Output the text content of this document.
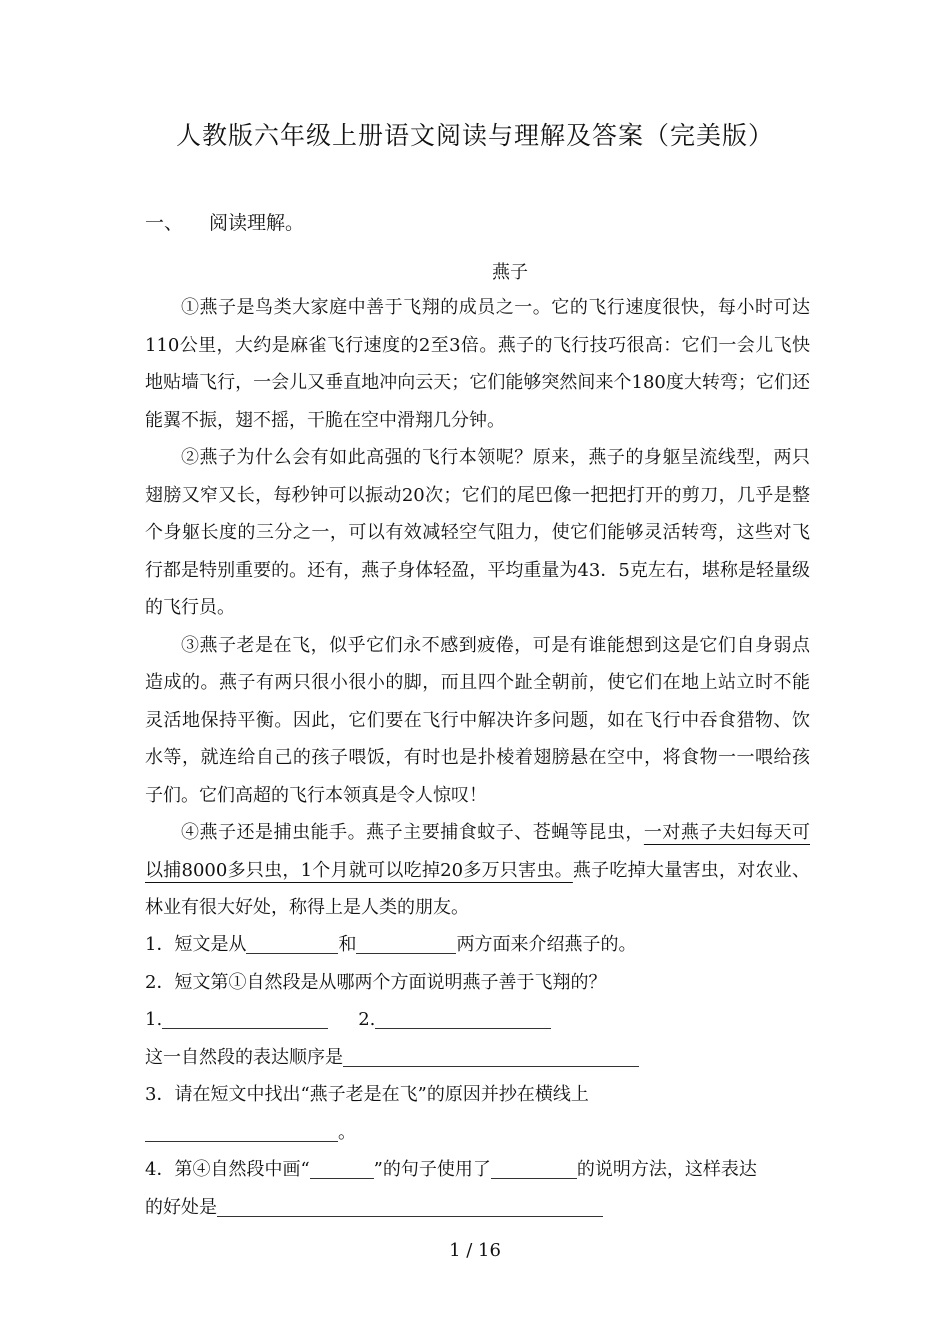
人教版六年级上册语文阅读与理解及答案（完美版）
一、 阅读理解。
燕子

①燕子是鸟类大家庭中善于飞翔的成员之一。它的飞行速度很快，每小时可达110公里，大约是麻雀飞行速度的2至3倍。燕子的飞行技巧很高：它们一会儿飞快地贴墙飞行，一会儿又垂直地冲向云天；它们能够突然间来个180度大转弯；它们还能翼不振，翅不摇，干脆在空中滑翔几分钟。

②燕子为什么会有如此高强的飞行本领呢？原来，燕子的身躯呈流线型，两只翅膀又窄又长，每秒钟可以振动20次；它们的尾巴像一把把打开的剪刀，几乎是整个身躯长度的三分之一，可以有效减轻空气阻力，使它们能够灵活转弯，这些对飞行都是特别重要的。还有，燕子身体轻盈，平均重量为43．5克左右，堪称是轻量级的飞行员。

③燕子老是在飞，似乎它们永不感到疲倦，可是有谁能想到这是它们自身弱点造成的。燕子有两只很小很小的脚，而且四个趾全朝前，使它们在地上站立时不能灵活地保持平衡。因此，它们要在飞行中解决许多问题，如在飞行中吞食猎物、饮水等，就连给自己的孩子喂饭，有时也是扑棱着翅膀悬在空中，将食物一一喂给孩子们。它们高超的飞行本领真是令人惊叹！

④燕子还是捕虫能手。燕子主要捕食蚊子、苍蝇等昆虫，一对燕子夫妇每天可以捕8000多只虫，1个月就可以吃掉20多万只害虫。燕子吃掉大量害虫，对农业、林业有很大好处，称得上是人类的朋友。

1．短文是从	和	两方面来介绍燕子的。

2．短文第①自然段是从哪两个方面说明燕子善于飞翔的？

1.	2.

这一自然段的表达顺序是

3．请在短文中找出“燕子老是在飞”的原因并抄在横线上

。

4．第④自然段中画“	”的句子使用了	的说明方法，这样表达

的好处是

1 / 16
